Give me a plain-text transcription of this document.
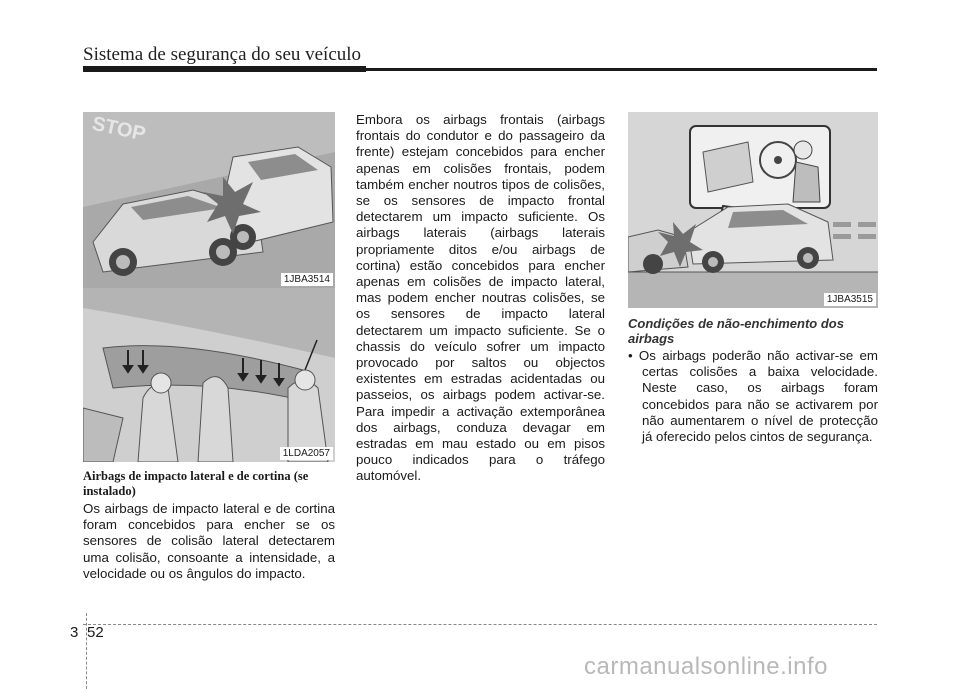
Sistema de segurança do seu veículo
STOP
1JBA3514
1LDA2057
Airbags de impacto lateral e de cortina (se instalado)
Os airbags de impacto lateral e de cortina foram concebidos para encher se os sensores de colisão lateral detectarem uma colisão, consoante a intensidade, a velocidade ou os ângulos do impacto.
Embora os airbags frontais (airbags frontais do condutor e do passageiro da frente) estejam concebidos para encher apenas em colisões frontais, podem também encher noutros tipos de colisões, se os sensores de impacto frontal detectarem um impacto suficiente. Os airbags laterais (airbags laterais propriamente ditos e/ou airbags de cortina) estão concebidos para encher apenas em colisões de impacto lateral, mas podem encher noutras colisões, se os sensores de impacto lateral detectarem um impacto suficiente. Se o chassis do veículo sofrer um impacto provocado por saltos ou objectos existentes em estradas acidentadas ou passeios, os airbags podem activar-se. Para impedir a activação extemporânea dos airbags, conduza devagar em estradas em mau estado ou em pisos pouco indicados para o tráfego automóvel.
1JBA3515
Condições de não-enchimento dos airbags
• Os airbags poderão não activar-se em certas colisões a baixa velocidade. Neste caso, os airbags foram concebidos para não se activarem por não aumentarem o nível de protecção já oferecido pelos cintos de segurança.
3 52
carmanualsonline.info
